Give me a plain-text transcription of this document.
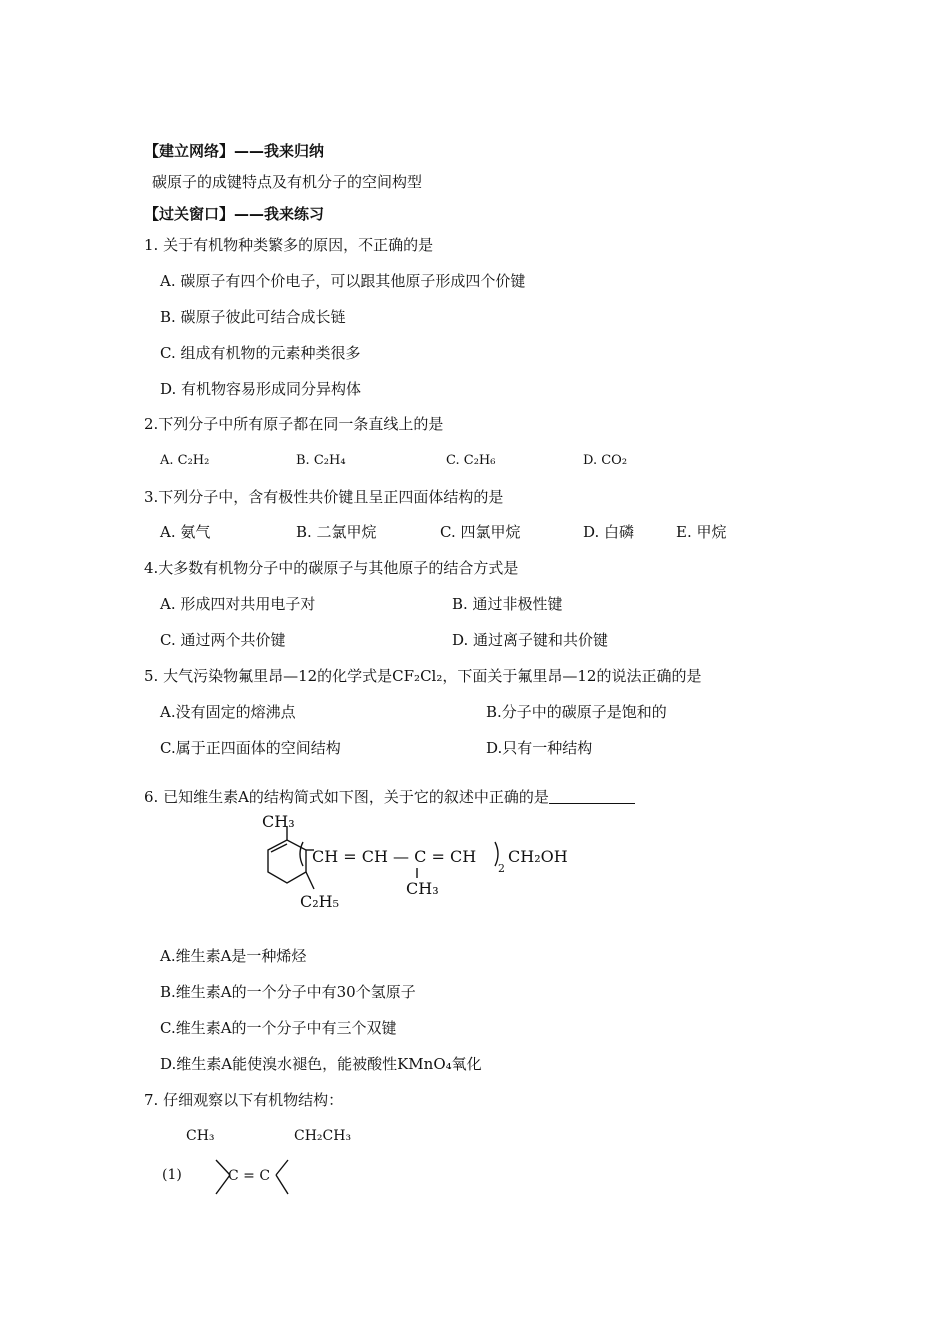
【建立网络】——我来归纳
碳原子的成键特点及有机分子的空间构型
【过关窗口】——我来练习
1. 关于有机物种类繁多的原因，不正确的是
A. 碳原子有四个价电子，可以跟其他原子形成四个价键
B. 碳原子彼此可结合成长链
C. 组成有机物的元素种类很多
D. 有机物容易形成同分异构体
2.下列分子中所有原子都在同一条直线上的是
A. C₂H₂	B. C₂H₄	C. C₂H₆	D. CO₂
3.下列分子中，含有极性共价键且呈正四面体结构的是
A. 氨气	B. 二氯甲烷	C. 四氯甲烷	D. 白磷	E. 甲烷
4.大多数有机物分子中的碳原子与其他原子的结合方式是
A. 形成四对共用电子对	B. 通过非极性键
C. 通过两个共价键	D. 通过离子键和共价键
5. 大气污染物氟里昂—12的化学式是CF₂Cl₂，下面关于氟里昂—12的说法正确的是
A.没有固定的熔沸点	B.分子中的碳原子是饱和的
C.属于正四面体的空间结构	D.只有一种结构
6. 已知维生素A的结构简式如下图，关于它的叙述中正确的是
CH₃
C₂H₅
CH = CH — C = CH
2
CH₂OH
CH₃
A.维生素A是一种烯烃
B.维生素A的一个分子中有30个氢原子
C.维生素A的一个分子中有三个双键
D.维生素A能使溴水褪色，能被酸性KMnO₄氧化
7. 仔细观察以下有机物结构：
CH₃	CH₂CH₃
(1)	C = C
